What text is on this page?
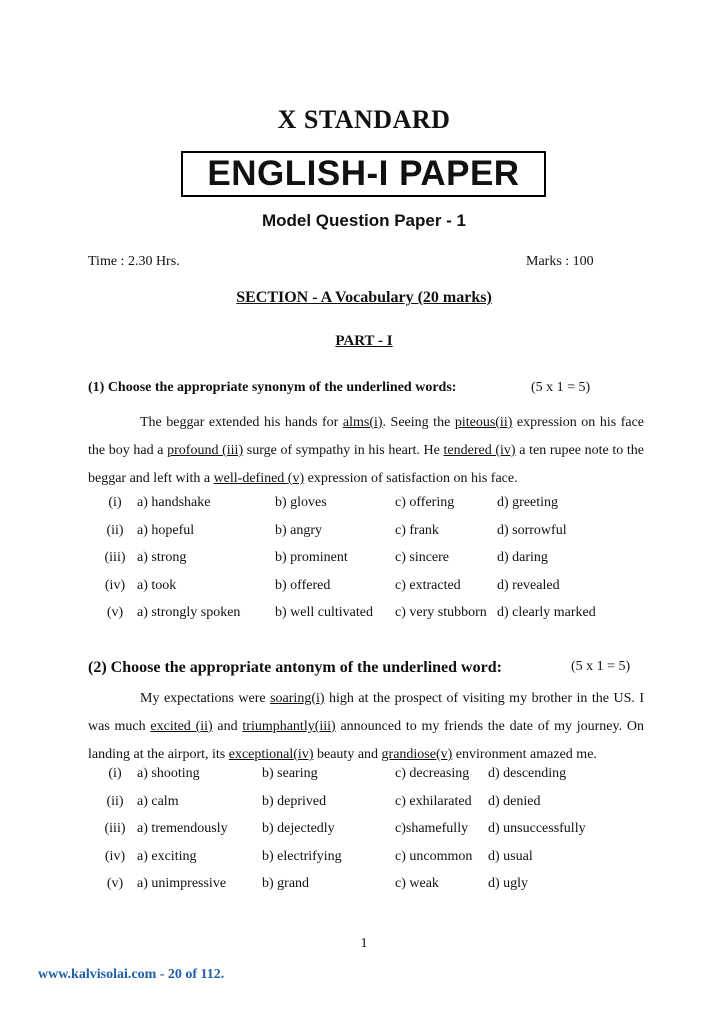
X STANDARD
ENGLISH-I PAPER
Model Question Paper - 1
Time : 2.30 Hrs.	Marks : 100
SECTION - A Vocabulary (20 marks)
PART - I
(1) Choose the appropriate synonym of the underlined words:	(5 x 1 = 5)

The beggar extended his hands for alms(i). Seeing the piteous(ii) expression on his face the boy had a profound (iii) surge of sympathy in his heart. He tendered (iv) a ten rupee note to the beggar and left with a well-defined (v) expression of satisfaction on his face.

(i)	a) handshake	b) gloves	c) offering	d) greeting
(ii) a) hopeful	b) angry	c) frank	d) sorrowful
(iii) a) strong	b) prominent	c) sincere	d) daring
(iv) a) took	b) offered	c) extracted	d) revealed
(v) a) strongly spoken b) well cultivated c) very stubborn d) clearly marked
(2) Choose the appropriate antonym of the underlined word:	(5 x 1 = 5)

My expectations were soaring(i) high at the prospect of visiting my brother in the US. I was much excited (ii) and triumphantly(iii) announced to my friends the date of my journey. On landing at the airport, its exceptional(iv) beauty and grandiose(v) environment amazed me.

(i)	a) shooting	b) searing	c) decreasing d) descending
(ii) a) calm	b) deprived	c) exhilarated d) denied
(iii) a) tremendously b) dejectedly	c)shamefully d) unsuccessfully
(iv) a) exciting	b) electrifying	c) uncommon d) usual
(v) a) unimpressive	b) grand	c) weak	d) ugly
1
www.kalvisolai.com - 20 of 112.
